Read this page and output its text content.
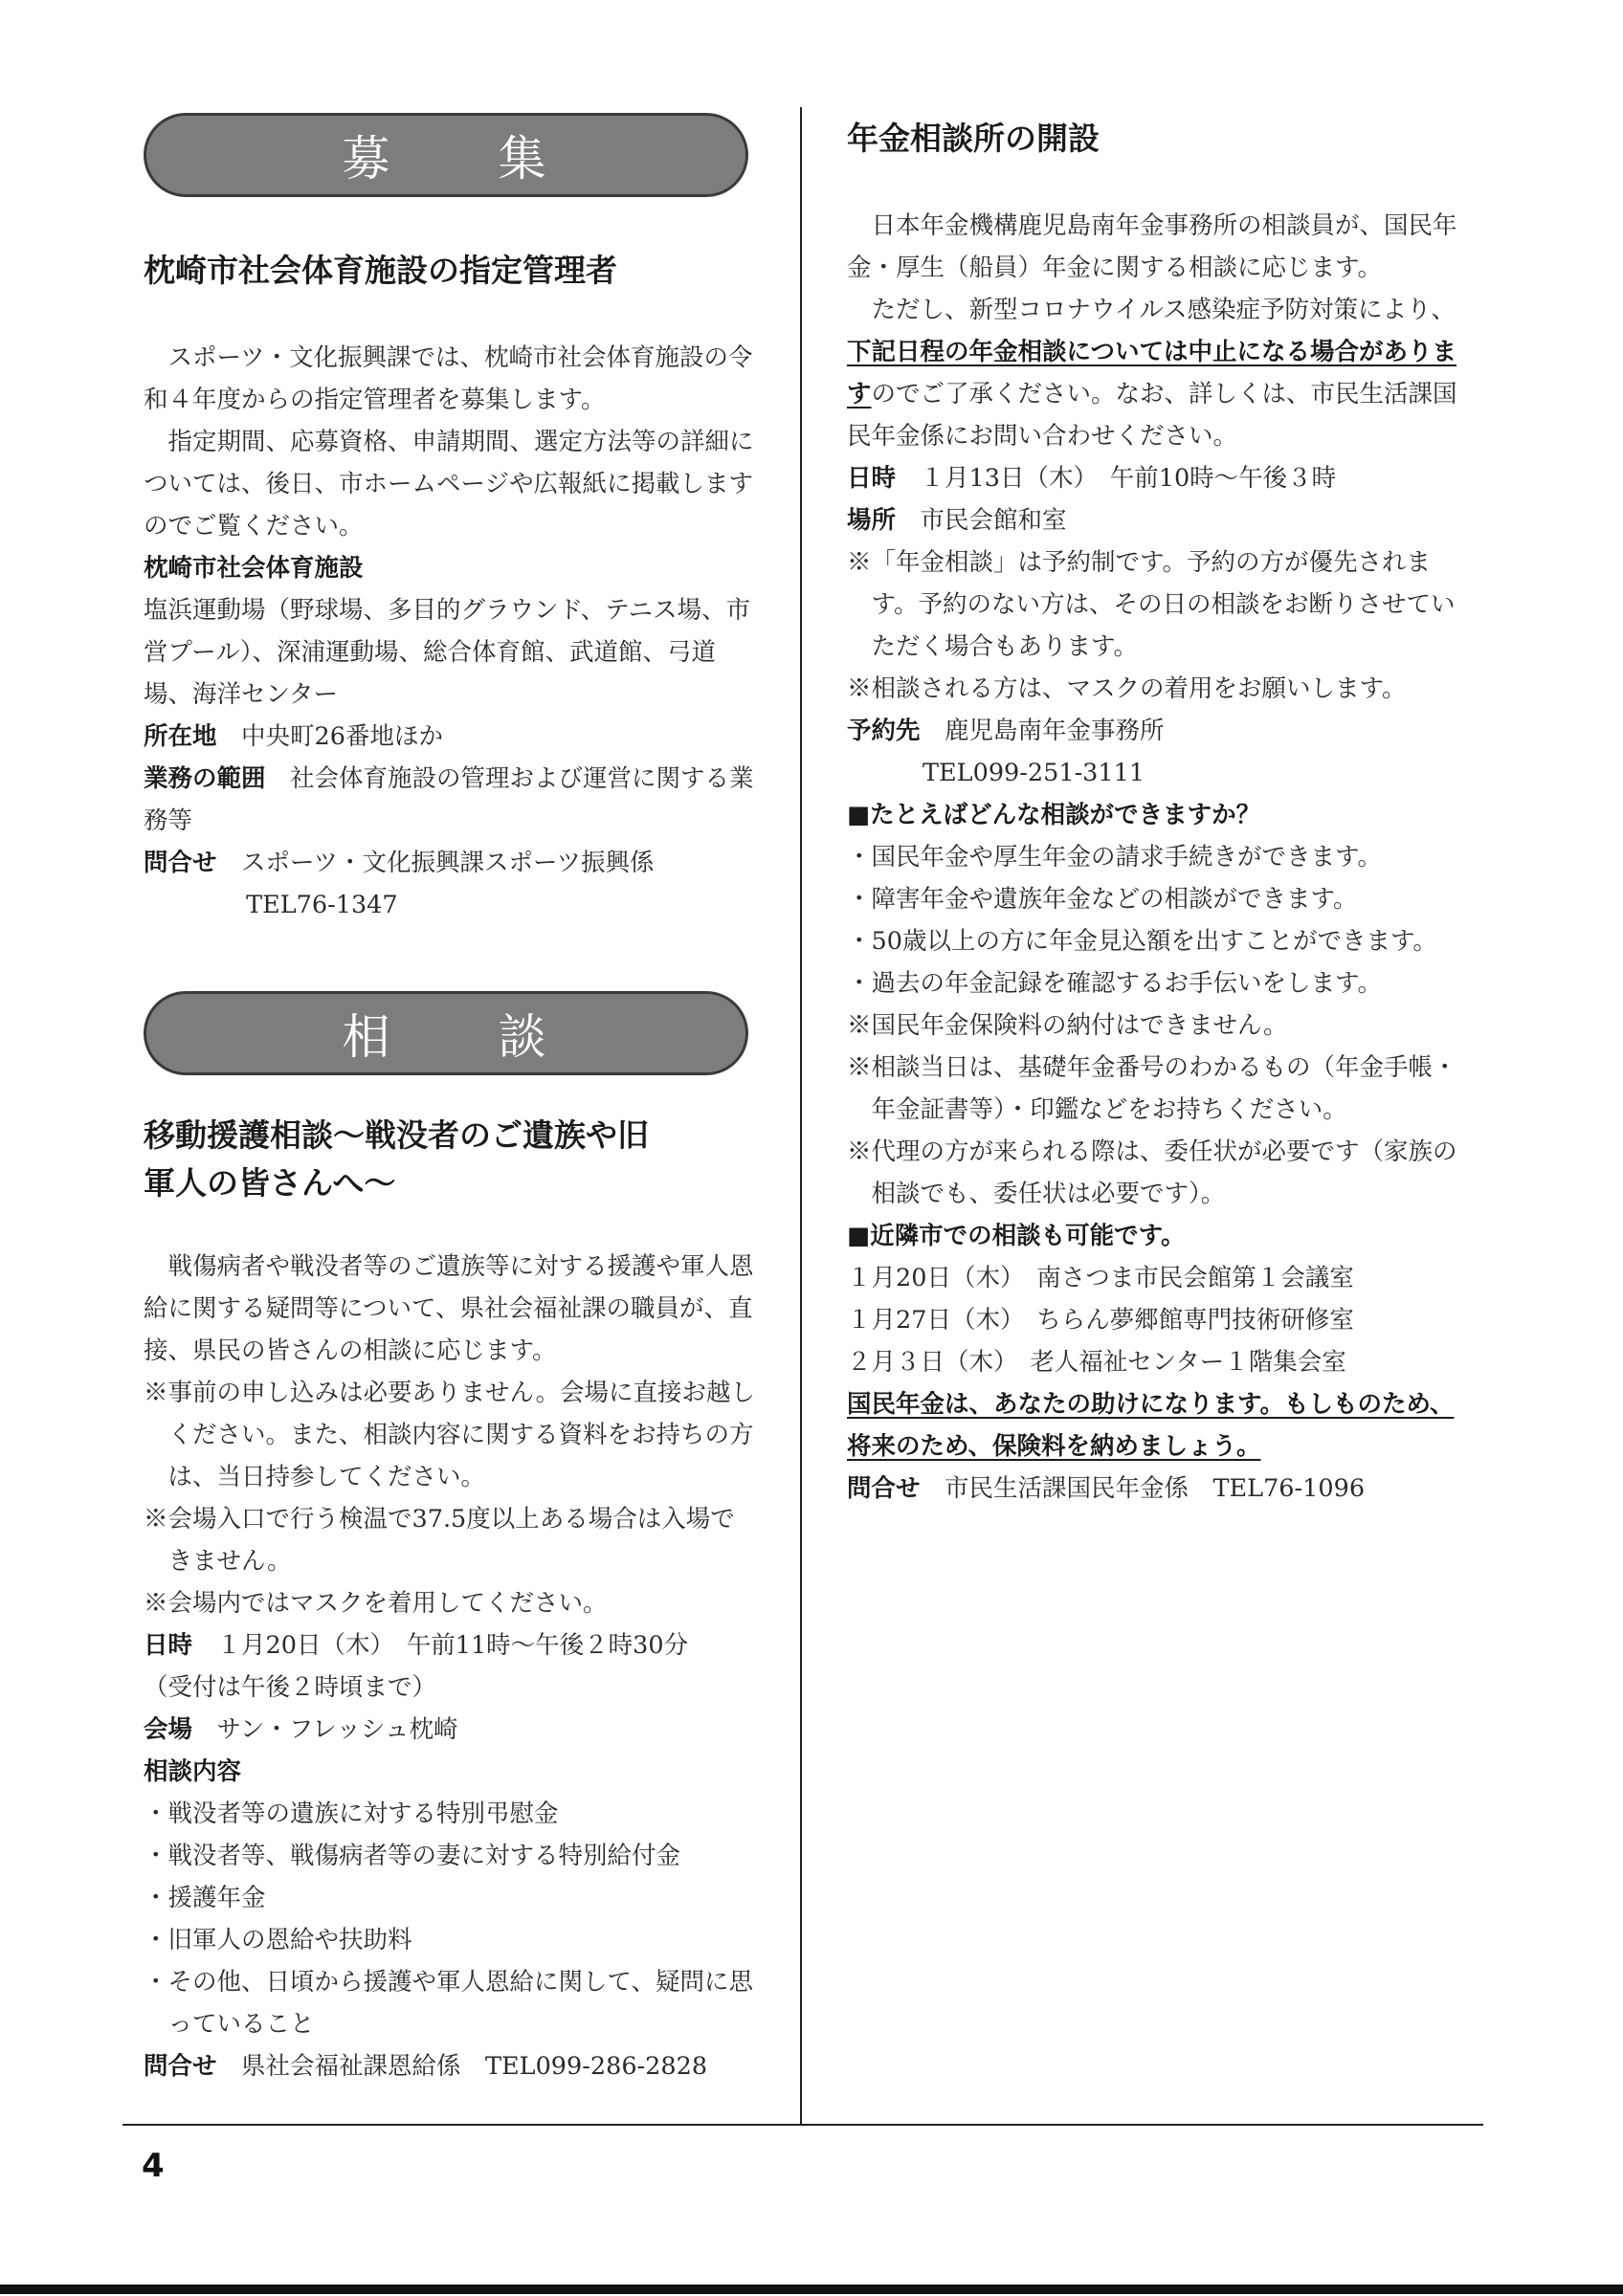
4
募 集
枕崎市社会体育施設の指定管理者

スポーツ・文化振興課では、枕崎市社会体育施設の令和４年度からの指定管理者を募集します。

指定期間、応募資格、申請期間、選定方法等の詳細については、後日、市ホームページや広報紙に掲載しますのでご覧ください。

枕崎市社会体育施設

塩浜運動場（野球場、多目的グラウンド、テニス場、市営プール）、深浦運動場、総合体育館、武道館、弓道場、海洋センター

所在地　 中央町26番地ほか

業務の範囲　 社会体育施設の管理および運営に関する業務等

問合せ　 スポーツ・文化振興課スポーツ振興係

TEL76-1347

相 談
移動援護相談～戦没者のご遺族や旧
軍人の皆さんへ～

戦傷病者や戦没者等のご遺族等に対する援護や軍人恩給に関する疑問等について、県社会福祉課の職員が、直接、県民の皆さんの相談に応じます。

※事前の申し込みは必要ありません。会場に直接お越しください。また、相談内容に関する資料をお持ちの方は、当日持参してください。

※会場入口で行う検温で37.5度以上ある場合は入場できません。

※会場内ではマスクを着用してください。

日時　 １月20日（木）　午前11時～午後２時30分

（受付は午後２時頃まで）

会場　 サン・フレッシュ枕崎

相談内容

・戦没者等の遺族に対する特別弔慰金

・戦没者等、戦傷病者等の妻に対する特別給付金

・援護年金

・旧軍人の恩給や扶助料

・その他、日頃から援護や軍人恩給に関して、疑問に思っていること

問合せ　 県社会福祉課恩給係　TEL099-286-2828

年金相談所の開設

日本年金機構鹿児島南年金事務所の相談員が、国民年金・厚生（船員）年金に関する相談に応じます。

ただし、新型コロナウイルス感染症予防対策により、下記日程の年金相談については中止になる場合がありますのでご了承ください。なお、詳しくは、市民生活課国民年金係にお問い合わせください。

日時　 １月13日（木）　午前10時～午後３時

場所　 市民会館和室

※「年金相談」は予約制です。予約の方が優先されます。予約のない方は、その日の相談をお断りさせていただく場合もあります。

※相談される方は、マスクの着用をお願いします。

予約先　 鹿児島南年金事務所

TEL099-251-3111

■たとえばどんな相談ができますか？

・国民年金や厚生年金の請求手続きができます。

・障害年金や遺族年金などの相談ができます。

・50歳以上の方に年金見込額を出すことができます。

・過去の年金記録を確認するお手伝いをします。

※国民年金保険料の納付はできません。

※相談当日は、基礎年金番号のわかるもの（年金手帳・年金証書等）・印鑑などをお持ちください。

※代理の方が来られる際は、委任状が必要です（家族の相談でも、委任状は必要です）。

■近隣市での相談も可能です。

１月20日（木）　 南さつま市民会館第１会議室

１月27日（木）　 ちらん夢郷館専門技術研修室

２月３日（木）　 老人福祉センター１階集会室

国民年金は、あなたの助けになります。もしものため、将来のため、保険料を納めましょう。

問合せ　 市民生活課国民年金係　TEL76-1096
